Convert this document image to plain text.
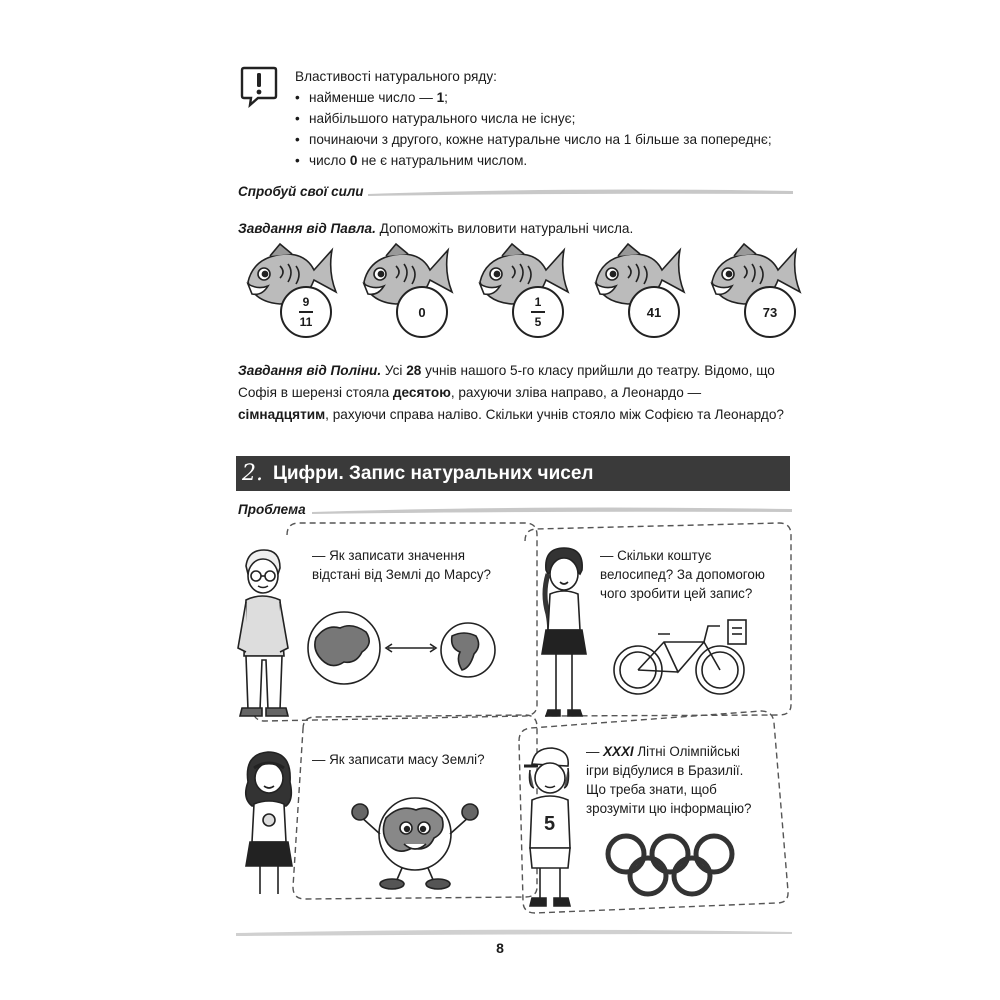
Властивості натурального ряду:
• найменше число — 1;
• найбільшого натурального числа не існує;
• починаючи з другого, кожне натуральне число на 1 більше за попереднє;
• число 0 не є натуральним числом.
Спробуй свої сили
Завдання від Павла. Допоможіть виловити натуральні числа.
$\frac{9}{11}$	0	$\frac{1}{5}$	41	73
Завдання від Поліни. Усі 28 учнів нашого 5-го класу прийшли до театру. Відомо, що Софія в шерензі стояла десятою, рахуючи зліва направо, а Леонардо — сімнадцятим, рахуючи справа наліво. Скільки учнів стояло між Софією та Леонардо?
2. Цифри. Запис натуральних чисел
Проблема
— Як записати значення відстані від Землі до Марсу?
— Скільки коштує велосипед? За допомогою чого зробити цей запис?
— Як записати масу Землі?
— XXXI Літні Олімпійські ігри відбулися в Бразилії. Що треба знати, щоб зрозуміти цю інформацію?
5
8
